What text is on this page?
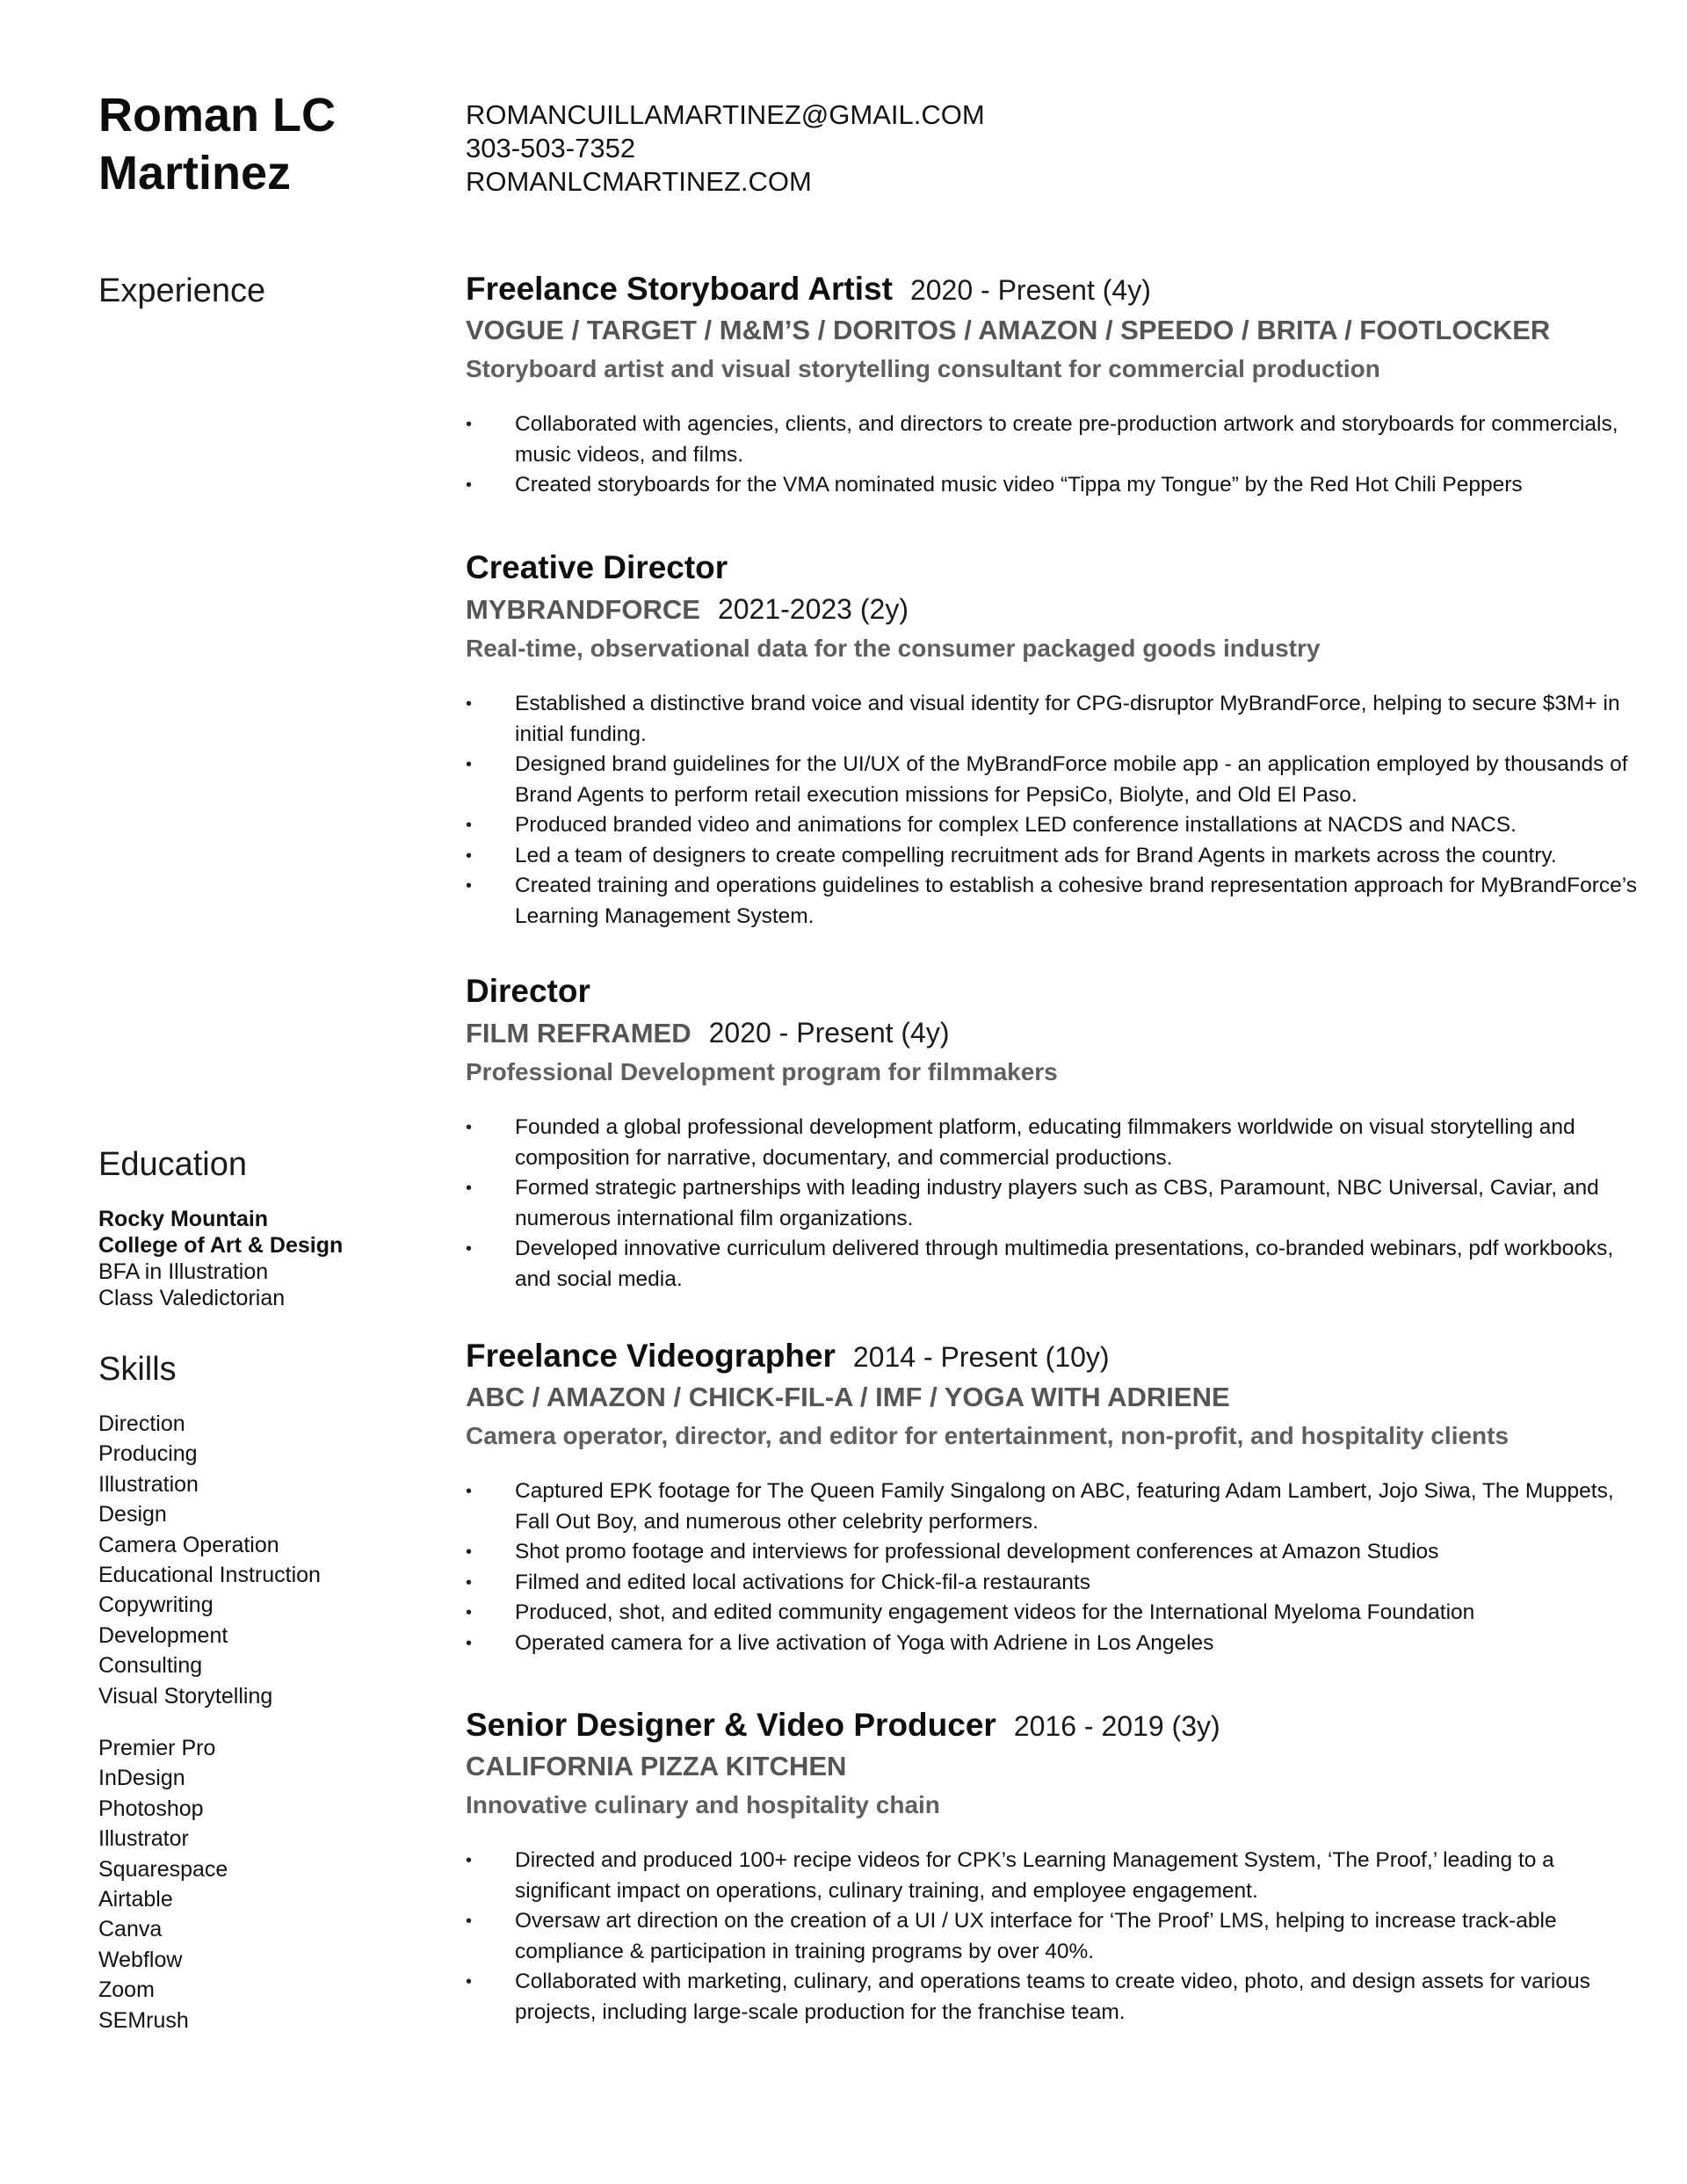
Roman LC
Martinez
ROMANCUILLAMARTINEZ@GMAIL.COM
303-503-7352
ROMANLCMARTINEZ.COM
Experience
Education
Rocky Mountain
College of Art & Design
BFA in Illustration
Class Valedictorian
Skills
Direction
Producing
Illustration
Design
Camera Operation
Educational Instruction
Copywriting
Development
Consulting
Visual Storytelling
Premier Pro
InDesign
Photoshop
Illustrator
Squarespace
Airtable
Canva
Webflow
Zoom
SEMrush
Freelance Storyboard Artist 2020 - Present (4y)
VOGUE / TARGET / M&M’S / DORITOS / AMAZON / SPEEDO / BRITA / FOOTLOCKER
Storyboard artist and visual storytelling consultant for commercial production
• Collaborated with agencies, clients, and directors to create pre-production artwork and storyboards for commercials, music videos, and films.
• Created storyboards for the VMA nominated music video “Tippa my Tongue” by the Red Hot Chili Peppers
Creative Director
MYBRANDFORCE 2021-2023 (2y)
Real-time, observational data for the consumer packaged goods industry
• Established a distinctive brand voice and visual identity for CPG-disruptor MyBrandForce, helping to secure $3M+ in initial funding.
• Designed brand guidelines for the UI/UX of the MyBrandForce mobile app - an application employed by thousands of Brand Agents to perform retail execution missions for PepsiCo, Biolyte, and Old El Paso.
• Produced branded video and animations for complex LED conference installations at NACDS and NACS.
• Led a team of designers to create compelling recruitment ads for Brand Agents in markets across the country.
• Created training and operations guidelines to establish a cohesive brand representation approach for MyBrandForce’s Learning Management System.
Director
FILM REFRAMED 2020 - Present (4y)
Professional Development program for filmmakers
• Founded a global professional development platform, educating filmmakers worldwide on visual storytelling and composition for narrative, documentary, and commercial productions.
• Formed strategic partnerships with leading industry players such as CBS, Paramount, NBC Universal, Caviar, and numerous international film organizations.
• Developed innovative curriculum delivered through multimedia presentations, co-branded webinars, pdf workbooks, and social media.
Freelance Videographer 2014 - Present (10y)
ABC / AMAZON / CHICK-FIL-A / IMF / YOGA WITH ADRIENE
Camera operator, director, and editor for entertainment, non-profit, and hospitality clients
• Captured EPK footage for The Queen Family Singalong on ABC, featuring Adam Lambert, Jojo Siwa, The Muppets, Fall Out Boy, and numerous other celebrity performers.
• Shot promo footage and interviews for professional development conferences at Amazon Studios
• Filmed and edited local activations for Chick-fil-a restaurants
• Produced, shot, and edited community engagement videos for the International Myeloma Foundation
• Operated camera for a live activation of Yoga with Adriene in Los Angeles
Senior Designer & Video Producer 2016 - 2019 (3y)
CALIFORNIA PIZZA KITCHEN
Innovative culinary and hospitality chain
• Directed and produced 100+ recipe videos for CPK’s Learning Management System, ‘The Proof,’ leading to a significant impact on operations, culinary training, and employee engagement.
• Oversaw art direction on the creation of a UI / UX interface for ‘The Proof’ LMS, helping to increase track-able compliance & participation in training programs by over 40%.
• Collaborated with marketing, culinary, and operations teams to create video, photo, and design assets for various projects, including large-scale production for the franchise team.
